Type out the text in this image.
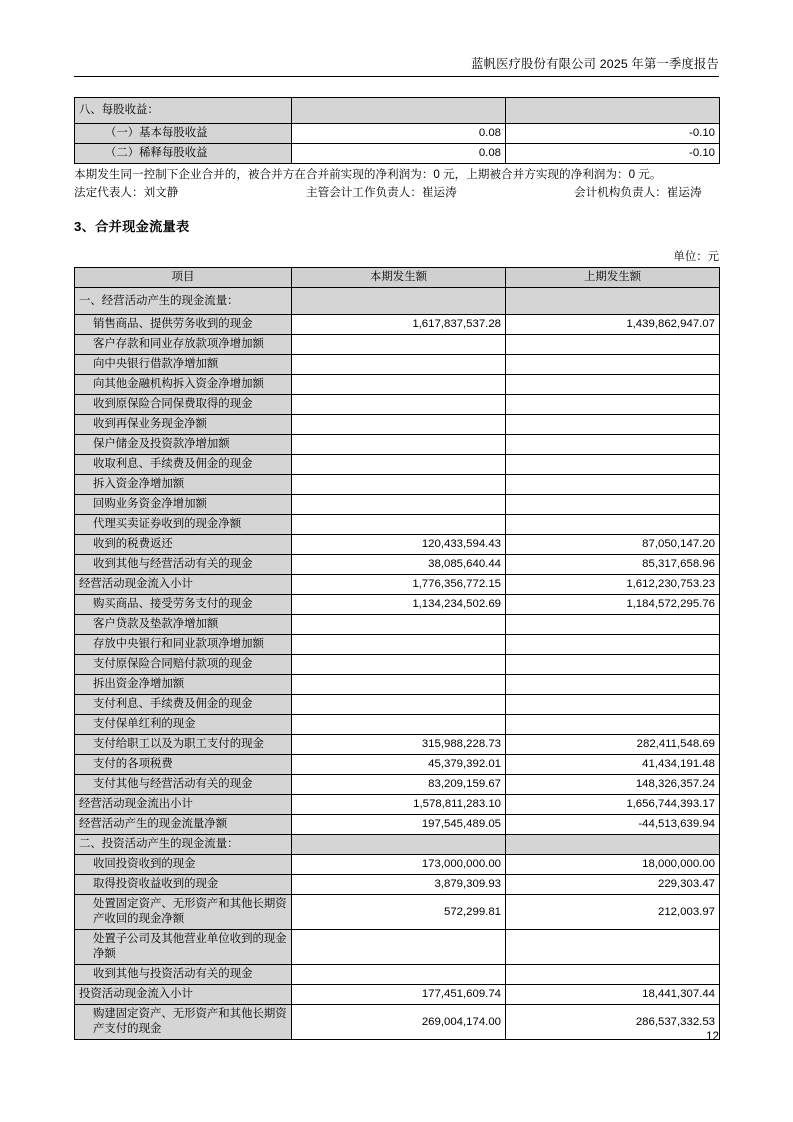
蓝帆医疗股份有限公司 2025 年第一季度报告
八、每股收益：		
（一）基本每股收益	0.08	-0.10
（二）稀释每股收益	0.08	-0.10
本期发生同一控制下企业合并的，被合并方在合并前实现的净利润为：0 元，上期被合并方实现的净利润为：0 元。
法定代表人：刘文静	主管会计工作负责人：崔运涛	会计机构负责人：崔运涛
3、合并现金流量表
单位：元
项目	本期发生额	上期发生额
一、经营活动产生的现金流量：		
销售商品、提供劳务收到的现金	1,617,837,537.28	1,439,862,947.07
客户存款和同业存放款项净增加额		
向中央银行借款净增加额		
向其他金融机构拆入资金净增加额		
收到原保险合同保费取得的现金		
收到再保业务现金净额		
保户储金及投资款净增加额		
收取利息、手续费及佣金的现金		
拆入资金净增加额		
回购业务资金净增加额		
代理买卖证券收到的现金净额		
收到的税费返还	120,433,594.43	87,050,147.20
收到其他与经营活动有关的现金	38,085,640.44	85,317,658.96
经营活动现金流入小计	1,776,356,772.15	1,612,230,753.23
购买商品、接受劳务支付的现金	1,134,234,502.69	1,184,572,295.76
客户贷款及垫款净增加额		
存放中央银行和同业款项净增加额		
支付原保险合同赔付款项的现金		
拆出资金净增加额		
支付利息、手续费及佣金的现金		
支付保单红利的现金		
支付给职工以及为职工支付的现金	315,988,228.73	282,411,548.69
支付的各项税费	45,379,392.01	41,434,191.48
支付其他与经营活动有关的现金	83,209,159.67	148,326,357.24
经营活动现金流出小计	1,578,811,283.10	1,656,744,393.17
经营活动产生的现金流量净额	197,545,489.05	-44,513,639.94
二、投资活动产生的现金流量：		
收回投资收到的现金	173,000,000.00	18,000,000.00
取得投资收益收到的现金	3,879,309.93	229,303.47
处置固定资产、无形资产和其他长期资产收回的现金净额	572,299.81	212,003.97
处置子公司及其他营业单位收到的现金净额		
收到其他与投资活动有关的现金		
投资活动现金流入小计	177,451,609.74	18,441,307.44
购建固定资产、无形资产和其他长期资产支付的现金	269,004,174.00	286,537,332.53
12
